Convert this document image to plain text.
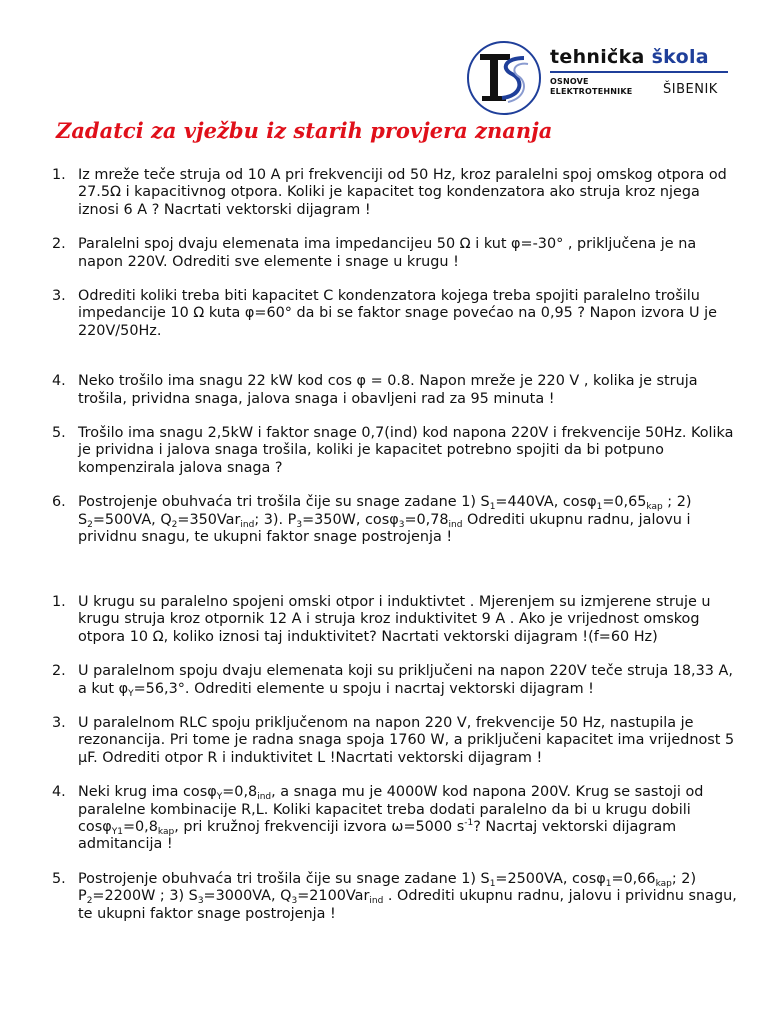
tehnička škola
OSNOVE
ELEKTROTEHNIKE ŠIBENIK
Zadatci za vježbu iz starih provjera znanja
1. Iz mreže teče struja od 10 A pri frekvenciji od 50 Hz, kroz paralelni spoj omskog otpora od 27.5Ω i kapacitivnog otpora. Koliki je kapacitet tog kondenzatora ako struja kroz njega iznosi 6 A ? Nacrtati vektorski dijagram !
2. Paralelni spoj dvaju elemenata ima impedancijeu 50 Ω i kut φ=-30° , priključena je na napon 220V. Odrediti sve elemente i snage u krugu !
3. Odrediti koliki treba biti kapacitet C kondenzatora kojega treba spojiti paralelno trošilu impedancije 10 Ω kuta φ=60° da bi se faktor snage povećao na 0,95 ? Napon izvora U je 220V/50Hz.
4. Neko trošilo ima snagu 22 kW kod cos φ = 0.8. Napon mreže je 220 V , kolika je struja trošila, prividna snaga, jalova snaga i obavljeni rad za 95 minuta !
5. Trošilo ima snagu 2,5kW i faktor snage 0,7(ind) kod napona 220V i frekvencije 50Hz. Kolika je prividna i jalova snaga trošila, koliki je kapacitet potrebno spojiti da bi potpuno kompenzirala jalova snaga ?
6. Postrojenje obuhvaća tri trošila čije su snage zadane 1) $S_1=440VA$, $\cos\varphi_1=0,65_{kap}$ ; 2) $S_2=500VA$, $Q_2=350Var_{ind}$; 3). $P_3=350W$, $\cos\varphi_3=0,78_{ind}$ Odrediti ukupnu radnu, jalovu i prividnu snagu, te ukupni faktor snage postrojenja !
1. U krugu su paralelno spojeni omski otpor i induktivtet . Mjerenjem su izmjerene struje u krugu struja kroz otpornik 12 A i struja kroz induktivitet 9 A . Ako je vrijednost omskog otpora 10 Ω, koliko iznosi taj induktivitet? Nacrtati vektorski dijagram !(f=60 Hz)
2. U paralelnom spoju dvaju elemenata koji su priključeni na napon 220V teče struja 18,33 A, a kut $\varphi_Y=56,3^\circ$. Odrediti elemente u spoju i nacrtaj vektorski dijagram !
3. U paralelnom RLC spoju priključenom na napon 220 V, frekvencije 50 Hz, nastupila je rezonancija. Pri tome je radna snaga spoja 1760 W, a priključeni kapacitet ima vrijednost 5 μF. Odrediti otpor R i induktivitet L !Nacrtati vektorski dijagram !
4. Neki krug ima $\cos\varphi_Y=0,8_{ind}$, a snaga mu je 4000W kod napona 200V. Krug se sastoji od paralelne kombinacije R,L. Koliki kapacitet treba dodati paralelno da bi u krugu dobili $\cos\varphi_{Y1}=0,8_{kap}$, pri kružnoj frekvenciji izvora ω=5000 $s^{-1}$? Nacrtaj vektorski dijagram admitancija !
5. Postrojenje obuhvaća tri trošila čije su snage zadane 1) $S_1=2500VA$, $\cos\varphi_1=0,66_{kap}$; 2) $P_2=2200W$ ; 3) $S_3=3000VA$, $Q_3=2100Var_{ind}$ . Odrediti ukupnu radnu, jalovu i prividnu snagu, te ukupni faktor snage postrojenja !
